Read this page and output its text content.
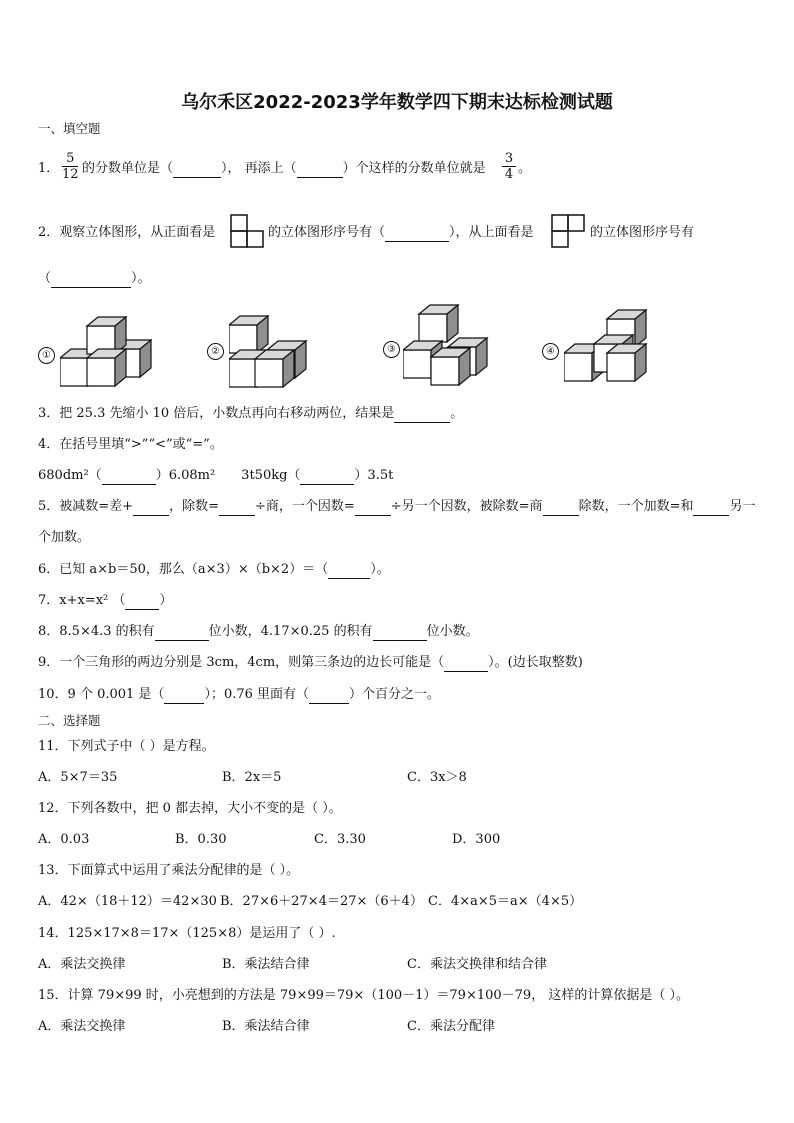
乌尔禾区2022-2023学年数学四下期末达标检测试题
一、填空题
1．
5
12 的分数单位是（	）， 再添上（	）个这样的分数单位就是
3
4 。
2．观察立体图形，从正面看是	的立体图形序号有（	），从上面看是	的立体图形序号有
（	）。
①	②	③	④
3．把 25.3 先缩小 10 倍后，小数点再向右移动两位，结果是	。
4．在括号里填“>”“<”或“=”。
680dm²（	）6.08m² 3t50kg（	）3.5t
5．被减数=差+	，除数=	÷商，一个因数=	÷另一个因数，被除数=商	除数，一个加数=和	另一
个加数。
6．已知 a×b＝50，那么（a×3）×（b×2）＝（	）。
7．x+x=x² （	）
8．8.5×4.3 的积有	位小数，4.17×0.25 的积有	位小数。
9．一个三角形的两边分别是 3cm，4cm，则第三条边的边长可能是（	）。(边长取整数)
10．9 个 0.001 是（	）；0.76 里面有（	）个百分之一。
二、选择题
11．下列式子中（ ）是方程。
A．5×7＝35	B．2x＝5	C．3x＞8
12．下列各数中，把 0 都去掉，大小不变的是（ ）。
A．0.03	B．0.30	C．3.30	D．300
13．下面算式中运用了乘法分配律的是（ ）。
A．42×（18＋12）＝42×30 B．27×6＋27×4＝27×（6＋4） C．4×a×5＝a×（4×5）
14．125×17×8＝17×（125×8）是运用了（ ）.
A．乘法交换律	B．乘法结合律	C．乘法交换律和结合律
15．计算 79×99 时，小亮想到的方法是 79×99＝79×（100－1）＝79×100－79， 这样的计算依据是（ ）。
A．乘法交换律	B．乘法结合律	C．乘法分配律
